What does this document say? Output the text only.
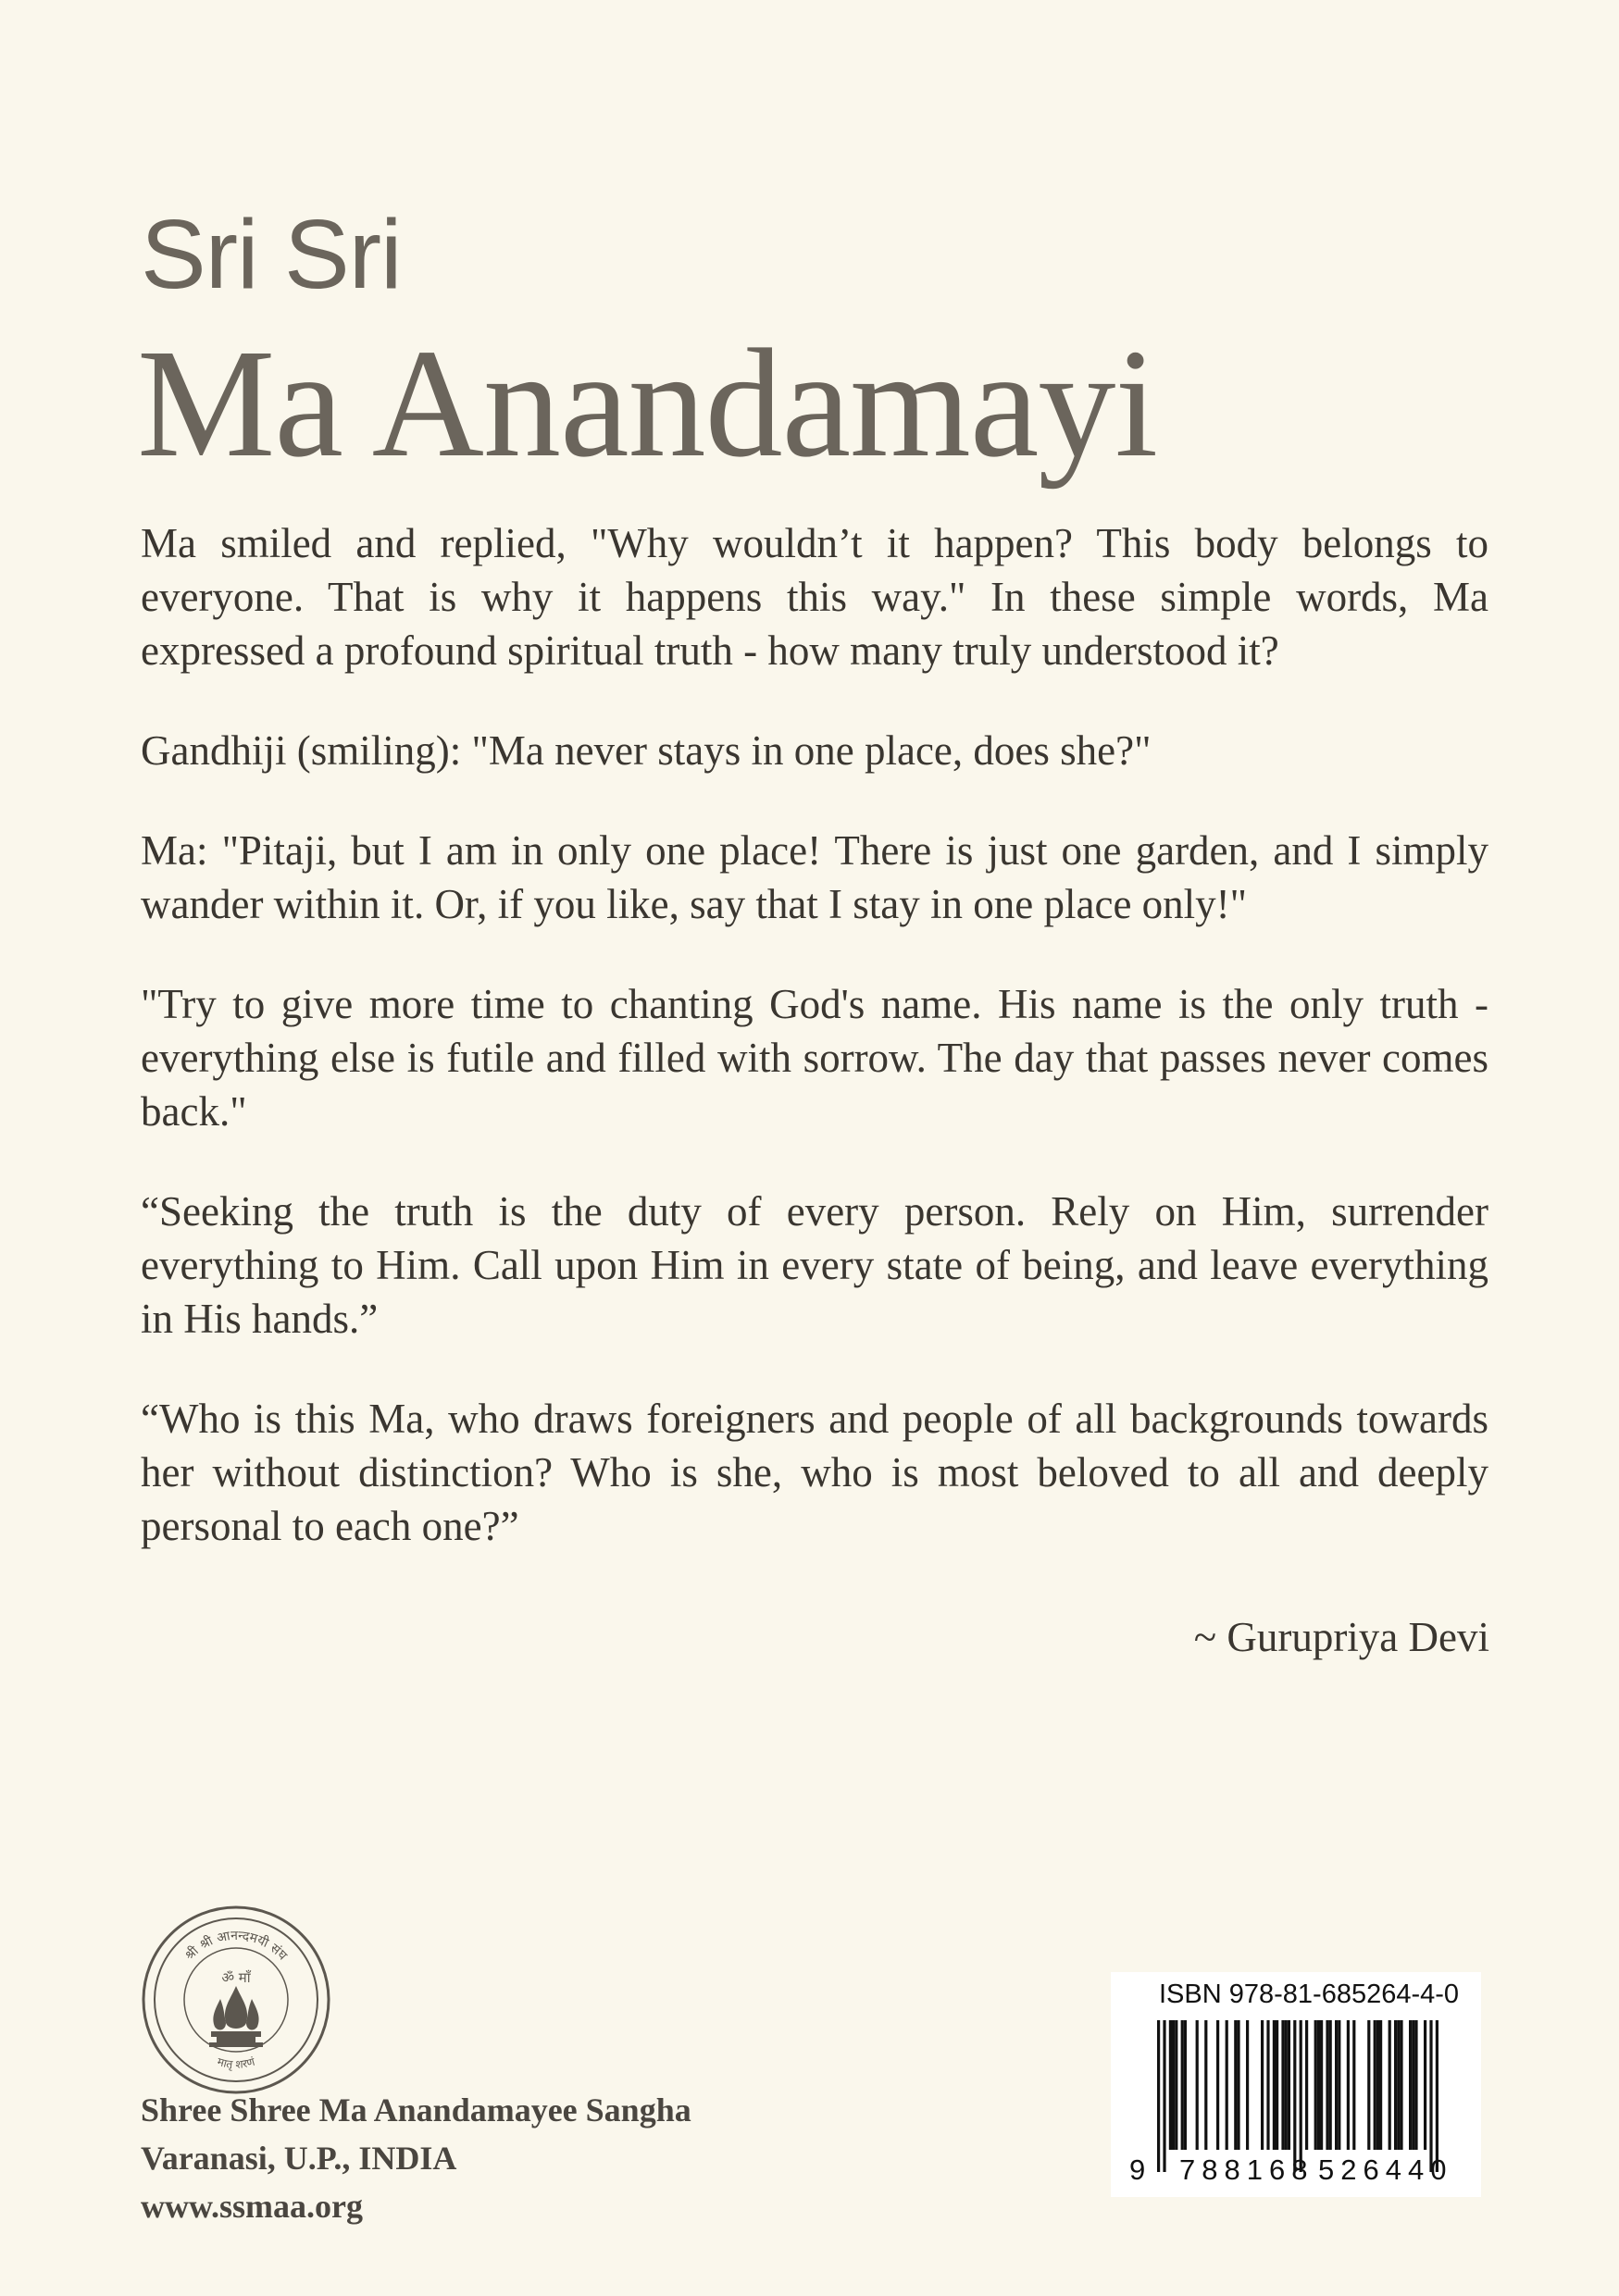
Sri Sri
Ma Anandamayi

Ma smiled and replied, "Why wouldn’t it happen? This body belongs to everyone. That is why it happens this way." In these simple words, Ma expressed a profound spiritual truth - how many truly understood it?

Gandhiji (smiling): "Ma never stays in one place, does she?"

Ma: "Pitaji, but I am in only one place! There is just one garden, and I simply wander within it. Or, if you like, say that I stay in one place only!"

"Try to give more time to chanting God's name. His name is the only truth - everything else is futile and filled with sorrow. The day that passes never comes back."

“Seeking the truth is the duty of every person. Rely on Him, surrender everything to Him. Call upon Him in every state of being, and leave everything in His hands.”

“Who is this Ma, who draws foreigners and people of all backgrounds towards her without distinction? Who is she, who is most beloved to all and deeply personal to each one?”

~ Gurupriya Devi
श्री श्री आनन्दमयी संघ
मातृ शरणं
ॐ माँ
Shree Shree Ma Anandamayee Sangha
Varanasi, U.P., INDIA
www.ssmaa.org
ISBN 978-81-685264-4-0
9 788168 526440
